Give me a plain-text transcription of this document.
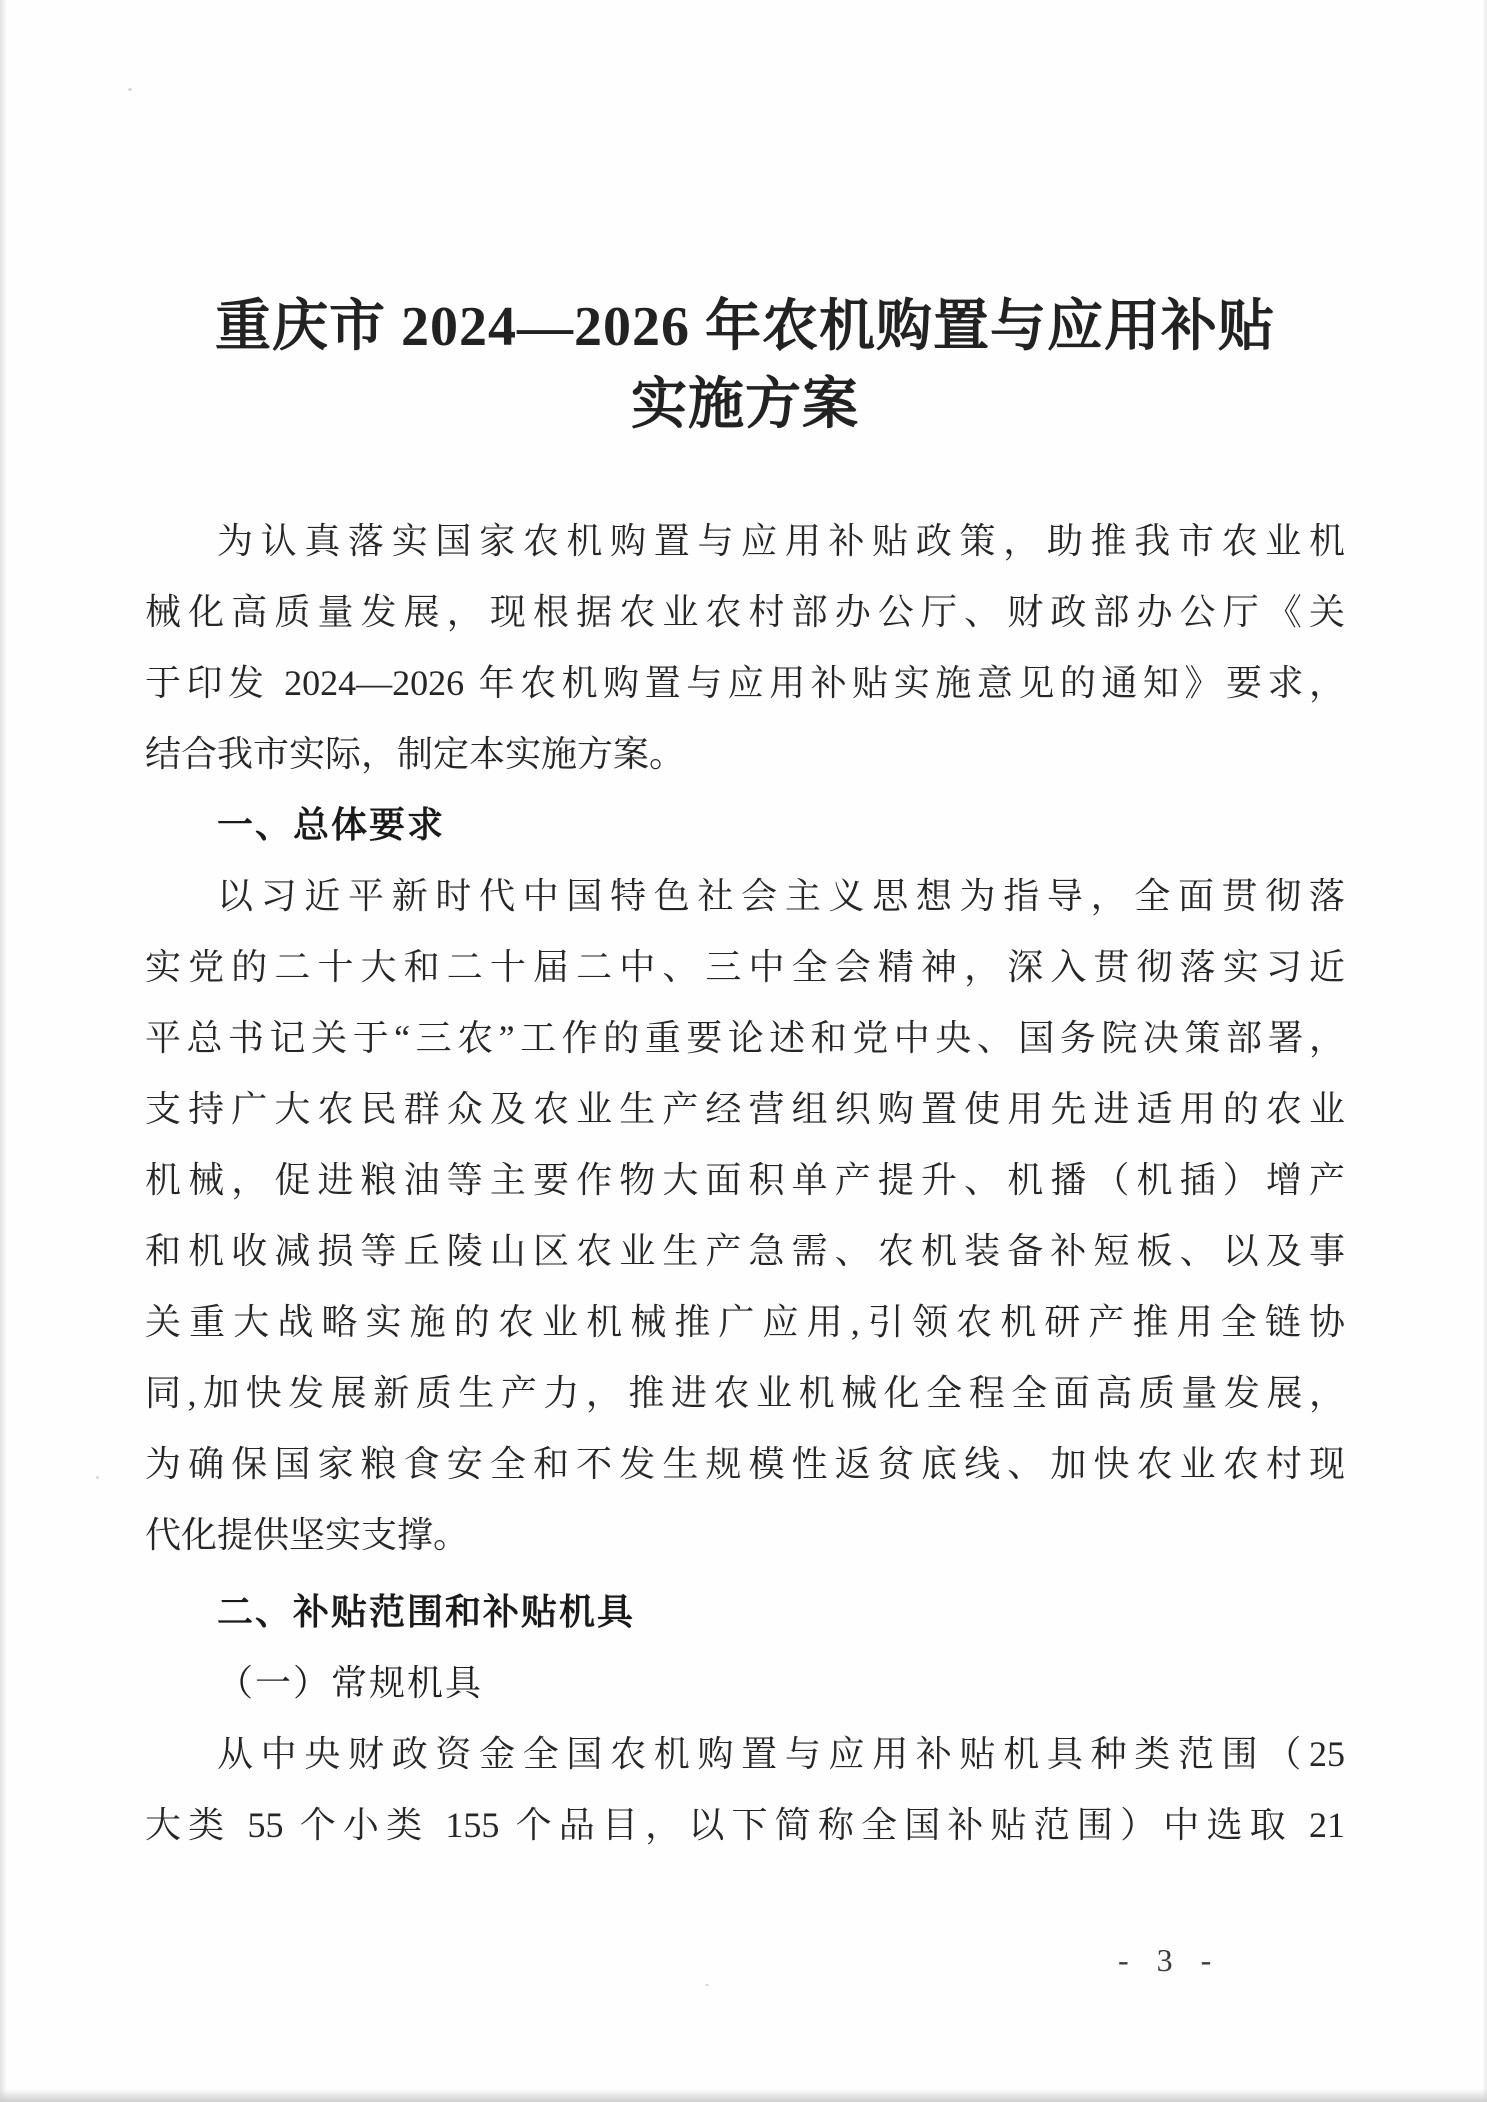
重庆市 2024—2026 年农机购置与应用补贴
实施方案
为认真落实国家农机购置与应用补贴政策，助推我市农业机
械化高质量发展，现根据农业农村部办公厅、财政部办公厅《关
于印发 2024—2026 年农机购置与应用补贴实施意见的通知》要求，
结合我市实际，制定本实施方案。
一、总体要求
以习近平新时代中国特色社会主义思想为指导，全面贯彻落
实党的二十大和二十届二中、三中全会精神，深入贯彻落实习近
平总书记关于“三农”工作的重要论述和党中央、国务院决策部署，
支持广大农民群众及农业生产经营组织购置使用先进适用的农业
机械，促进粮油等主要作物大面积单产提升、机播（机插）增产
和机收减损等丘陵山区农业生产急需、农机装备补短板、以及事
关重大战略实施的农业机械推广应用,引领农机研产推用全链协
同,加快发展新质生产力，推进农业机械化全程全面高质量发展，
为确保国家粮食安全和不发生规模性返贫底线、加快农业农村现
代化提供坚实支撑。
二、补贴范围和补贴机具
（一）常规机具
从中央财政资金全国农机购置与应用补贴机具种类范围（25
大类 55 个小类 155 个品目，以下简称全国补贴范围）中选取 21
- 3 -
